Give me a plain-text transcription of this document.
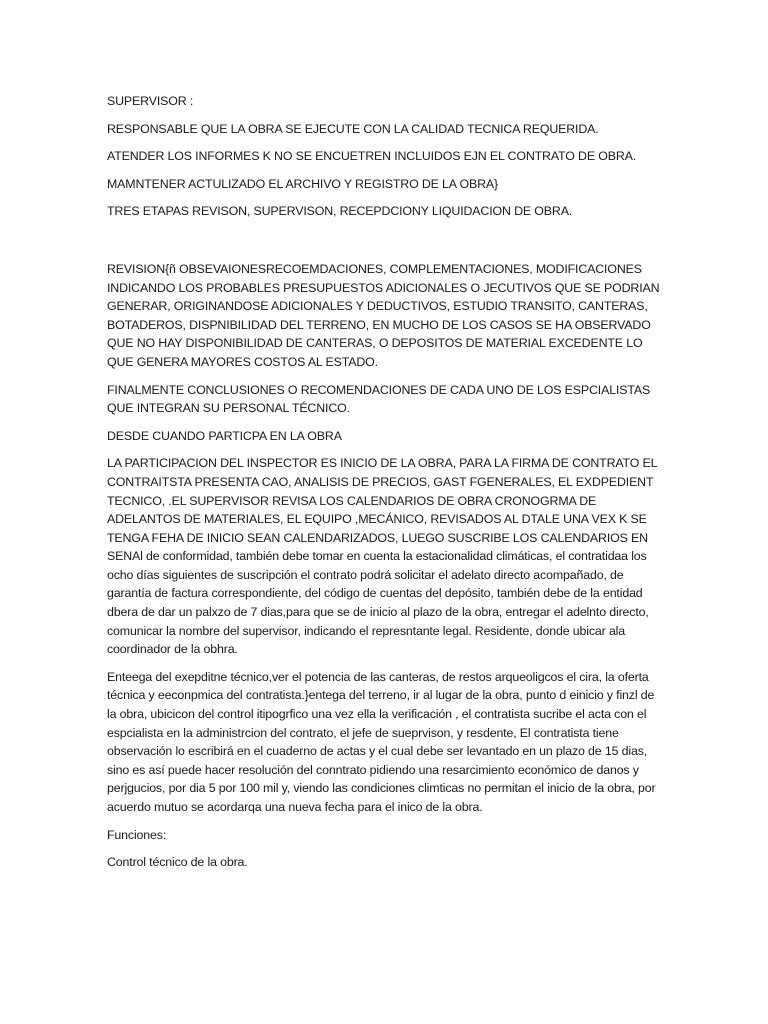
SUPERVISOR :

RESPONSABLE QUE LA OBRA SE EJECUTE CON LA CALIDAD TECNICA REQUERIDA.

ATENDER LOS INFORMES K NO SE ENCUETREN INCLUIDOS EJN EL CONTRATO DE OBRA.

MAMNTENER ACTULIZADO EL ARCHIVO Y REGISTRO DE LA OBRA}

TRES ETAPAS REVISON, SUPERVISON, RECEPDCIONY LIQUIDACION DE OBRA.

REVISION{ñ OBSEVAIONESRECOEMDACIONES, COMPLEMENTACIONES, MODIFICACIONES INDICANDO LOS PROBABLES PRESUPUESTOS ADICIONALES O JECUTIVOS QUE SE PODRIAN GENERAR, ORIGINANDOSE ADICIONALES Y DEDUCTIVOS, ESTUDIO TRANSITO, CANTERAS, BOTADEROS, DISPNIBILIDAD DEL TERRENO, EN MUCHO DE LOS CASOS SE HA OBSERVADO QUE NO HAY DISPONIBILIDAD DE CANTERAS, O DEPOSITOS DE MATERIAL EXCEDENTE LO QUE GENERA MAYORES COSTOS AL ESTADO.

FINALMENTE CONCLUSIONES O RECOMENDACIONES DE CADA UNO DE LOS ESPCIALISTAS QUE INTEGRAN SU PERSONAL TÉCNICO.

DESDE CUANDO PARTICPA EN LA OBRA

LA PARTICIPACION DEL INSPECTOR ES INICIO DE LA OBRA, PARA LA FIRMA DE CONTRATO EL CONTRAITSTA PRESENTA CAO, ANALISIS DE PRECIOS, GAST FGENERALES, EL EXDPEDIENT TECNICO, .EL SUPERVISOR REVISA LOS CALENDARIOS DE OBRA CRONOGRMA DE ADELANTOS DE MATERIALES, EL EQUIPO ,MECÁNICO, REVISADOS AL DTALE UNA VEX K SE TENGA FEHA DE INICIO SEAN CALENDARIZADOS, LUEGO SUSCRIBE LOS CALENDARIOS EN SENAl de conformidad, también debe tomar en cuenta la estacionalidad climáticas, el contratidaa los ocho días siguientes de suscripción el contrato podrá solicitar el adelato directo acompañado, de garantía de factura correspondiente, del código de cuentas del depósito, también debe de la entidad dbera de dar un palxzo de 7 dias,para que se de inicio al plazo de la obra, entregar el adelnto directo, comunicar la nombre del supervisor, indicando el represntante legal. Residente, donde ubicar ala coordinador de la obhra.

Enteega del exepditne técnico,ver el potencia de las canteras, de restos arqueoligcos el cira, la oferta técnica y eeconpmica del contratista.}entega del terreno, ir al lugar de la obra, punto d einicio y finzl de la obra, ubicicon del control itipogrfico una vez ella la verificación , el contratista sucribe el acta con el espcialista en la administrcion del contrato, el jefe de sueprvison, y resdente, El contratista tiene observación lo escribirá en el cuaderno de actas y el cual debe ser levantado en un plazo de 15 dias, sino es así puede hacer resolución del conntrato pidiendo una resarcimiento económico de danos y perjgucios, por dia 5 por 100 mil y, viendo las condiciones climticas no permitan el inicio de la obra, por acuerdo mutuo se acordarqa una nueva fecha para el inico de la obra.

Funciones:

Control técnico de la obra.
